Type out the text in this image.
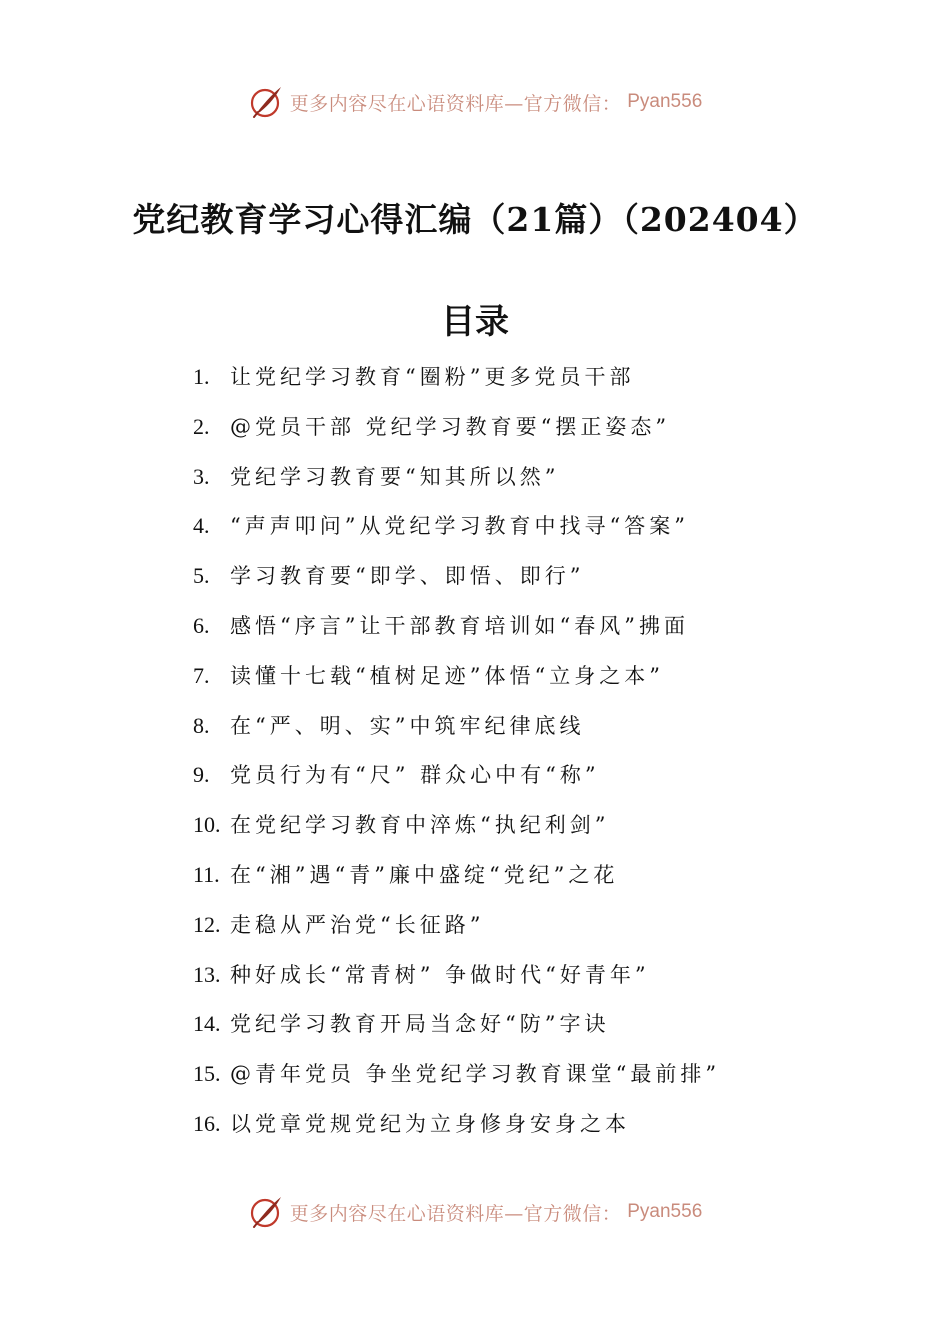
更多内容尽在心语资料库—官方微信： Pyan556
党纪教育学习心得汇编（21篇）（202404）
目录
1. 让党纪学习教育“圈粉”更多党员干部
2. @党员干部 党纪学习教育要“摆正姿态”
3. 党纪学习教育要“知其所以然”
4. “声声叩问”从党纪学习教育中找寻“答案”
5. 学习教育要“即学、即悟、即行”
6. 感悟“序言”让干部教育培训如“春风”拂面
7. 读懂十七载“植树足迹”体悟“立身之本”
8. 在“严、明、实”中筑牢纪律底线
9. 党员行为有“尺” 群众心中有“称”
10. 在党纪学习教育中淬炼“执纪利剑”
11. 在“湘”遇“青”廉中盛绽“党纪”之花
12. 走稳从严治党“长征路”
13. 种好成长“常青树” 争做时代“好青年”
14. 党纪学习教育开局当念好“防”字诀
15. @青年党员 争坐党纪学习教育课堂“最前排”
16. 以党章党规党纪为立身修身安身之本
更多内容尽在心语资料库—官方微信： Pyan556
